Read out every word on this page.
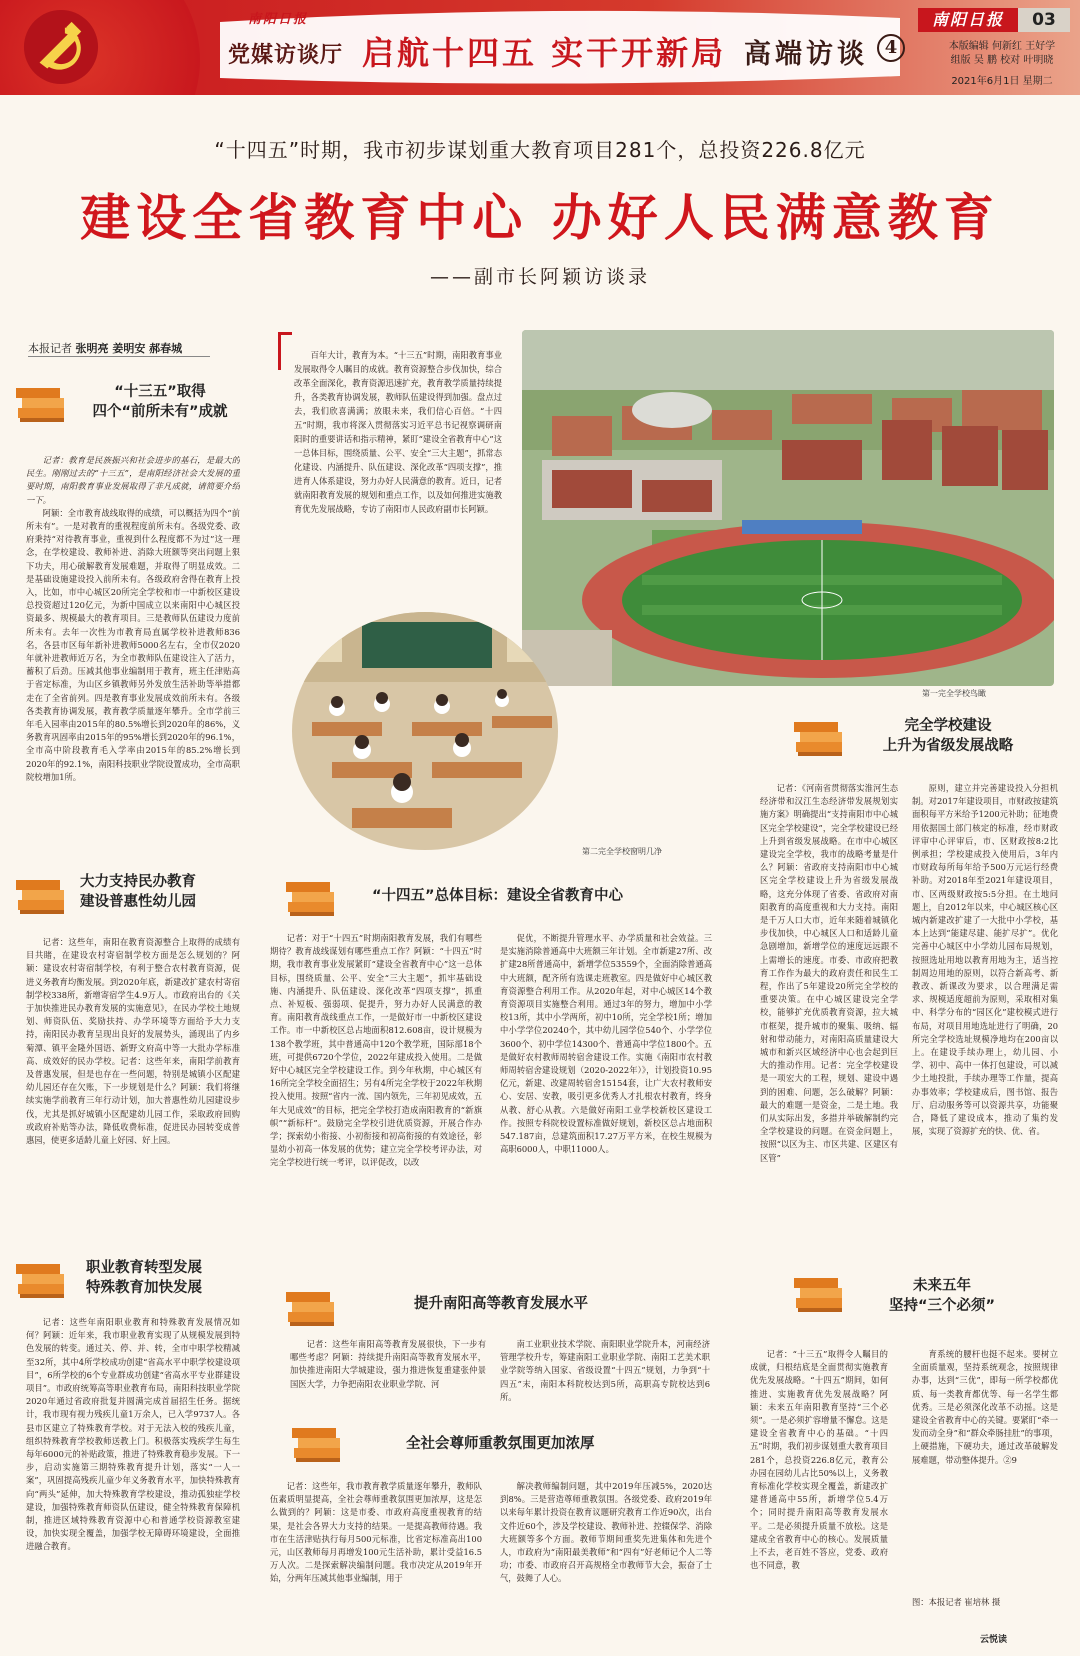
南阳日报
党媒访谈厅 启航十四五 实干开新局 高端访谈 4
南阳日报	03
本版编辑 何新红 王好学
组版 吴 鹏 校对 叶明晓
2021年6月1日 星期二
“十四五”时期，我市初步谋划重大教育项目281个，总投资226.8亿元
建设全省教育中心 办好人民满意教育
——副市长阿颖访谈录
本报记者 张明亮 姜明安 郝春城	百年大计，教育为本。“十三五”时期，南阳教育事业发展取得令人瞩目的成就。教育资源整合步伐加快，综合改革全面深化，教育资源迅速扩充，教育教学质量持续提升，各类教育协调发展，教师队伍建设得到加强。盘点过去，我们欣喜满满；放眼未来，我们信心百倍。“十四五”时期，我市将深入贯彻落实习近平总书记视察调研南阳时的重要讲话和指示精神，紧盯“建设全省教育中心”这一总体目标，围绕质量、公平、安全“三大主题”，抓常态化建设、内涵提升、队伍建设、深化改革“四项支撑”，推进育人体系建设，努力办好人民满意的教育。近日，记者就南阳教育发展的规划和重点工作，以及如何推进实施教育优先发展战略，专访了南阳市人民政府副市长阿颖。

第一完全学校鸟瞰
第二完全学校窗明几净
“十三五”取得
四个“前所未有”成就

记者：教育是民族振兴和社会进步的基石，是最大的民生。刚刚过去的“十三五”，是南阳经济社会大发展的重要时期，南阳教育事业发展取得了非凡成就，请简要介绍一下。

阿颖：全市教育战线取得的成绩，可以概括为四个“前所未有”。一是对教育的重视程度前所未有。各级党委、政府秉持“对待教育事业，重视到什么程度都不为过”这一理念，在学校建设、教师补进、消除大班额等突出问题上狠下功夫，用心破解教育发展难题，并取得了明显成效。二是基础设施建设投入前所未有。各级政府舍得在教育上投入，比如，市中心城区20所完全学校和市一中新校区建设总投资超过120亿元，为新中国成立以来南阳中心城区投资最多、规模最大的教育项目。三是教师队伍建设力度前所未有。去年一次性为市教育局直属学校补进教师836名，各县市区每年新补进教师5000名左右，全市仅2020年就补进教师近万名，为全市教师队伍建设注入了活力，蓄积了后劲。压减其他事业编制用于教育，班主任津贴高于省定标准，为山区乡镇教师另外发放生活补助等举措都走在了全省前列。四是教育事业发展成效前所未有。各级各类教育协调发展，教育教学质量逐年攀升。全市学前三年毛入园率由2015年的80.5%增长到2020年的86%，义务教育巩固率由2015年的95%增长到2020年的96.1%，全市高中阶段教育毛入学率由2015年的85.2%增长到2020年的92.1%，南阳科技职业学院设置成功，全市高职院校增加1所。

大力支持民办教育
建设普惠性幼儿园

记者：这些年，南阳在教育资源整合上取得的成绩有目共睹，在建设农村寄宿制学校方面是怎么规划的？阿颖：建设农村寄宿制学校，有利于整合农村教育资源，促进义务教育均衡发展。到2020年底，新建改扩建农村寄宿制学校338所，新增寄宿学生4.9万人。市政府出台的《关于加快推进民办教育发展的实施意见》，在民办学校土地规划、师资队伍、奖励扶持、办学环境等方面给予大力支持，南阳民办教育呈现出良好的发展势头，涌现出了内乡菊潭、镇平金隆外国语、新野文府高中等一大批办学标准高、成效好的民办学校。记者：这些年来，南阳学前教育及普惠发展，但是也存在一些问题，特别是城镇小区配建幼儿园还存在欠账，下一步规划是什么？阿颖：我们将继续实施学前教育三年行动计划，加大普惠性幼儿园建设步伐，尤其是抓好城镇小区配建幼儿园工作，采取政府回购或政府补贴等办法，降低收费标准，促进民办园转变成普惠园，使更多适龄儿童上好园、好上园。

职业教育转型发展
特殊教育加快发展

记者：这些年南阳职业教育和特殊教育发展情况如何？阿颖：近年来，我市职业教育实现了从规模发展到特色发展的转变。通过关、停、并、转，全市中职学校精减至32所，其中4所学校成功创建“省高水平中职学校建设项目”，6所学校的6个专业群成功创建“省高水平专业群建设项目”。市政府统筹高等职业教育布局，南阳科技职业学院2020年通过省政府批复并圆满完成首届招生任务。据统计，我市现有视力残疾儿童1万余人，已入学9737人。各县市区建立了特殊教育学校。对于无法入校的残疾儿童，组织特殊教育学校教师送教上门。积极落实残疾学生每生每年6000元的补贴政策，推进了特殊教育稳步发展。下一步，启动实施第三期特殊教育提升计划，落实“一人一案”，巩固提高残疾儿童少年义务教育水平，加快特殊教育向“两头”延伸，加大特殊教育学校建设，推动孤独症学校建设，加强特殊教育师资队伍建设，健全特殊教育保障机制，推进区域特殊教育资源中心和普通学校资源教室建设，加快实现全覆盖，加强学校无障碍环境建设，全面推进融合教育。

“十四五”总体目标：建设全省教育中心

记者：对于“十四五”时期南阳教育发展，我们有哪些期待？教育战线谋划有哪些重点工作？阿颖：“十四五”时期，我市教育事业发展紧盯“建设全省教育中心”这一总体目标，围绕质量、公平、安全“三大主题”，抓牢基础设施、内涵提升、队伍建设、深化改革“四项支撑”，抓重点、补短板、强弱项、促提升，努力办好人民满意的教育。南阳教育战线重点工作，一是做好市一中新校区建设工作。市一中新校区总占地面积812.608亩，设计规模为138个教学班，其中普通高中120个教学班，国际部18个班，可提供6720个学位，2022年建成投入使用。二是做好中心城区完全学校建设工作。到今年秋期，中心城区有16所完全学校全面招生；另有4所完全学校于2022年秋期投入使用。按照“省内一流、国内领先，三年初见成效，五年大见成效”的目标，把完全学校打造成南阳教育的“新旗帜”“新标杆”。鼓励完全学校引进优质资源，开展合作办学；探索幼小衔接、小初衔接和初高衔接的有效途径，彰显幼小初高一体发展的优势；建立完全学校考评办法，对完全学校进行统一考评，以评促改，以改

促优，不断提升管理水平、办学质量和社会效益。三是实施消除普通高中大班额三年计划。全市新建27所、改扩建28所普通高中，新增学位53559个，全面消除普通高中大班额，配齐所有选课走班教室。四是做好中心城区教育资源整合利用工作。从2020年起，对中心城区14个教育资源项目实施整合利用。通过3年的努力，增加中小学校13所，其中小学两所，初中10所，完全学校1所；增加中小学学位20240个，其中幼儿园学位540个、小学学位3600个、初中学位14300个、普通高中学位1800个。五是做好农村教师周转宿舍建设工作。实施《南阳市农村教师周转宿舍建设规划（2020-2022年）》，计划投资10.95亿元，新建、改建周转宿舍15154套，让广大农村教师安心、安居、安教，吸引更多优秀人才扎根农村教育，终身从教、舒心从教。六是做好南阳工业学校新校区建设工作。按照专科院校设置标准做好规划，新校区总占地面积547.187亩，总建筑面积17.27万平方米，在校生规模为高职6000人，中职11000人。

完全学校建设
上升为省级发展战略

记者：《河南省贯彻落实淮河生态经济带和汉江生态经济带发展规划实施方案》明确提出“支持南阳市中心城区完全学校建设”，完全学校建设已经上升到省级发展战略。在市中心城区建设完全学校，我市的战略考量是什么？阿颖：省政府支持南阳市中心城区完全学校建设上升为省级发展战略，这充分体现了省委、省政府对南阳教育的高度重视和大力支持。南阳是千万人口大市，近年来随着城镇化步伐加快，中心城区人口和适龄儿童急剧增加，新增学位的速度远远跟不上需增长的速度。市委、市政府把教育工作作为最大的政府责任和民生工程，作出了5年建设20所完全学校的重要决策。在中心城区建设完全学校，能够扩充优质教育资源，拉大城市框架，提升城市的聚集、吸纳、辐射和带动能力，对南阳高质量建设大城市和新兴区域经济中心也会起到巨大的推动作用。记者：完全学校建设是一项宏大的工程，规划、建设中遇到的困难、问题，怎么破解？阿颖：最大的难题一是资金，二是土地。我们从实际出发，多措并举破解制约完全学校建设的问题。在资金问题上，按照“以区为主、市区共建、区建区有区管”

原则，建立并完善建设投入分担机制。对2017年建设项目，市财政按建筑面积每平方米给予1200元补助；征地费用依据国土部门核定的标准，经市财政评审中心评审后，市、区财政按8:2比例承担；学校建成投入使用后，3年内市财政每所每年给予500万元运行经费补助。对2018年至2021年建设项目，市、区两级财政按5:5分担。在土地问题上，自2012年以来，中心城区核心区城内新建改扩建了一大批中小学校，基本上达到“能建尽建、能扩尽扩”。优化完善中心城区中小学幼儿园布局规划，按照选址用地以教育用地为主，适当控制周边用地的原则，以符合新高考、新教改、新课改为要求，以合理满足需求、规模适度超前为原则，采取相对集中、科学分布的“园区化”建校模式进行布局，对项目用地选址进行了明确，20所完全学校选址规模净地均在200亩以上。在建设手续办理上，幼儿园、小学、初中、高中一体打包建设，可以减少土地投批，手续办理等工作量，提高办事效率；学校建成后，图书馆、报告厅、启动服务等可以资源共享，功能聚合，降低了建设成本，推动了集约发展，实现了资源扩充的快、优、省。

提升南阳高等教育发展水平

记者：这些年南阳高等教育发展很快，下一步有哪些考虑？阿颖：持续提升南阳高等教育发展水平，加快推进南阳大学城建设，强力推进恢复重建张仲景国医大学，力争把南阳农业职业学院、河

南工业职业技术学院、南阳职业学院升本，河南经济管理学校升专，筹建南阳工业职业学院、南阳工艺美术职业学院等纳入国家、省级设置“十四五”规划，力争到“十四五”末，南阳本科院校达到5所，高职高专院校达到6所。

全社会尊师重教氛围更加浓厚

记者：这些年，我市教育教学质量逐年攀升，教师队伍素质明显提高，全社会尊师重教氛围更加浓厚，这是怎么做到的？阿颖：这是市委、市政府高度重视教育的结果，是社会各界大力支持的结果。一是提高教师待遇。我市在生活津贴执行每月500元标准，比省定标准高出100元，山区教师每月再增发100元生活补助，累计受益16.5万人次。二是探索解决编制问题。我市决定从2019年开始，分两年压减其他事业编制，用于

解决教师编制问题，其中2019年压减5%，2020达到8%。三是营造尊师重教氛围。各级党委、政府2019年以来每年累计投资在教育议题研究教育工作近90次，出台文件近60个，涉及学校建设、教师补进、控辍保学、消除大班额等多个方面。教师节期间重奖先进集体和先进个人，市政府为“南阳最美教师”和“四有”好老师记个人二等功；市委、市政府召开高规格全市教师节大会，振奋了士气，鼓舞了人心。

未来五年
坚持“三个必须”

记者：“十三五”取得令人瞩目的成就，归根结底是全面贯彻实施教育优先发展战略。“十四五”期间，如何推进、实施教育优先发展战略？阿颖：未来五年南阳教育坚持“三个必须”。一是必须扩容增量不懈怠。这是建设全省教育中心的基础。“十四五”时期，我们初步谋划重大教育项目281个，总投资226.8亿元，教育公办园在园幼儿占比50%以上，义务教育标准化学校实现全覆盖，新建改扩建普通高中55所，新增学位5.4万个；同时提升南阳高等教育发展水平。二是必须提升质量不放松。这是建成全省教育中心的核心。发展质量上不去，老百姓不答应，党委、政府也不同意，教

育系统的腰杆也挺不起来。要树立全面质量观，坚持系统观念，按照规律办事，达到“三优”，即每一所学校都优质、每一类教育都优等、每一名学生都优秀。三是必须深化改革不动摇。这是建设全省教育中心的关键。要紧盯“牵一发而动全身”和“群众牵肠挂肚”的事项，上硬措施，下硬功夫，通过改革破解发展难题，带动整体提升。②9

图：本报记者 崔培林 摄
云悦读
